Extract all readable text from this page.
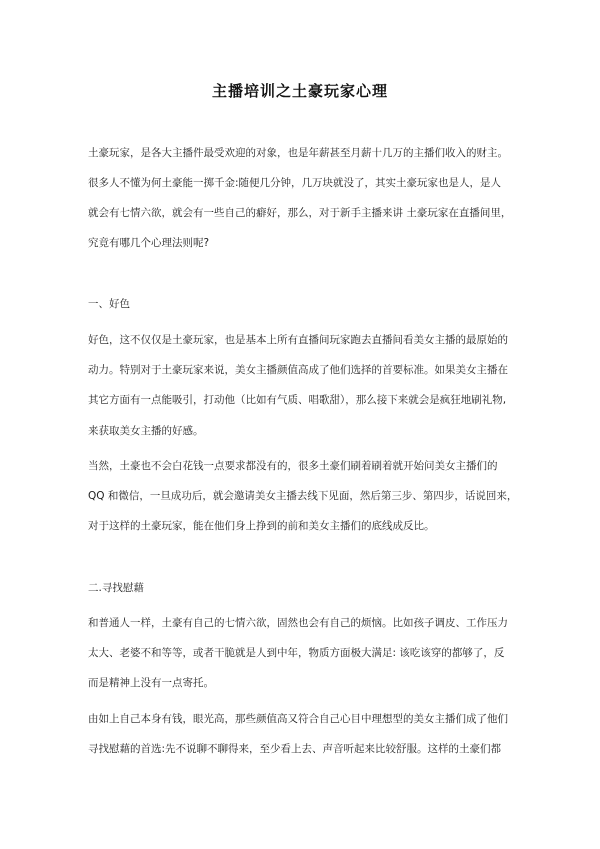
主播培训之土豪玩家心理
土豪玩家，是各大主播件最受欢迎的对象，也是年薪甚至月薪十几万的主播们收入的财主。
很多人不懂为何土豪能一掷千金:随便几分钟，几万块就没了，其实土豪玩家也是人，是人
就会有七情六欲，就会有一些自己的癖好，那么，对于新手主播来讲 土豪玩家在直播间里，
究竟有哪几个心理法则呢?
一、好色
好色，这不仅仅是土豪玩家，也是基本上所有直播间玩家跑去直播间看美女主播的最原始的
动力。特别对于土豪玩家来说，美女主播颜值高成了他们选择的首要标准。如果美女主播在
其它方面有一点能吸引，打动他（比如有气质、唱歌甜），那么接下来就会是疯狂地刷礼物,
来获取美女主播的好感。
当然，土豪也不会白花钱一点要求都没有的，很多土豪们刷着刷着就开始问美女主播们的
QQ 和微信，一旦成功后，就会邀请美女主播去线下见面，然后第三步、第四步，话说回来，
对于这样的土豪玩家，能在他们身上挣到的前和美女主播们的底线成反比。
二.寻找慰藉
和普通人一样，土豪有自己的七情六欲，固然也会有自己的烦恼。比如孩子调皮、工作压力
太大、老婆不和等等，或者干脆就是人到中年，物质方面极大满足: 该吃该穿的都够了，反
而是精神上没有一点寄托。
由如上自己本身有钱，眼光高，那些颜值高又符合自己心目中理想型的美女主播们成了他们
寻找慰藉的首选:先不说聊不聊得来，至少看上去、声音听起来比较舒服。这样的土豪们都
